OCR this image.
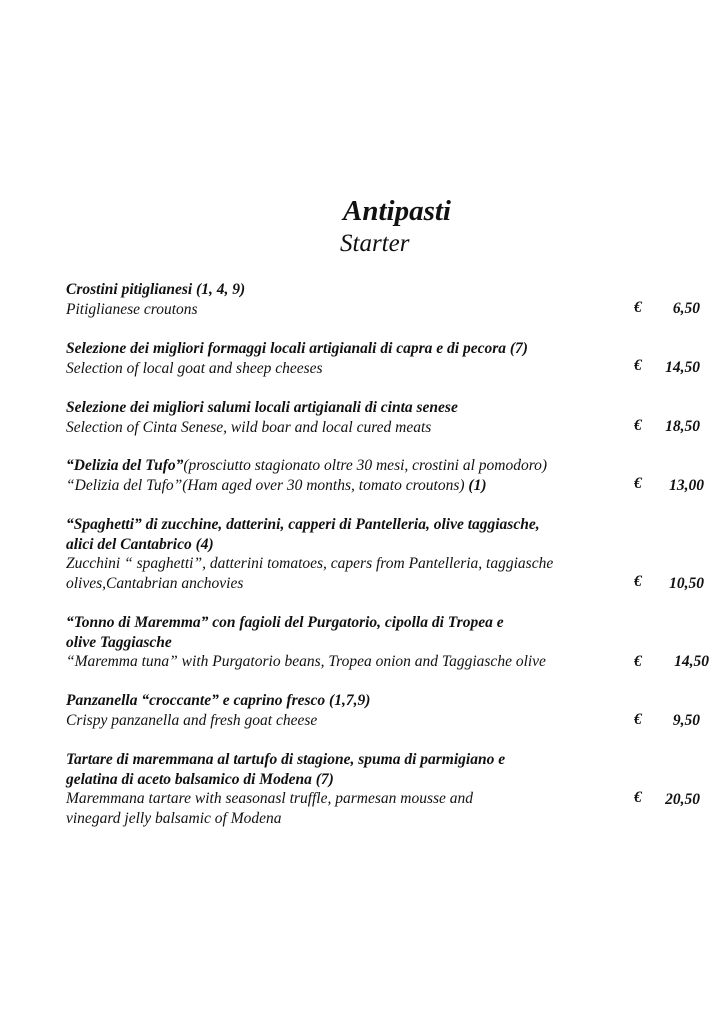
Antipasti
Starter
Crostini pitiglianesi (1, 4, 9)
Pitiglianese croutons	€	6,50
Selezione dei migliori formaggi locali artigianali di capra e di pecora (7)
Selection of local goat and sheep cheeses	€	14,50
Selezione dei migliori salumi locali artigianali di cinta senese
Selection of Cinta Senese, wild boar and local cured meats	€	18,50
“Delizia del Tufo”(prosciutto stagionato oltre 30 mesi, crostini al pomodoro)
“Delizia del Tufo”(Ham aged over 30 months, tomato croutons) (1)	€	13,00
“Spaghetti” di zucchine, datterini, capperi di Pantelleria, olive taggiasche,
alici del Cantabrico (4)
Zucchini “ spaghetti”, datterini tomatoes, capers from Pantelleria, taggiasche
olives,Cantabrian anchovies	€	10,50
“Tonno di Maremma” con fagioli del Purgatorio, cipolla di Tropea e
olive Taggiasche
“Maremma tuna” with Purgatorio beans, Tropea onion and Taggiasche olive	€	14,50
Panzanella “croccante” e caprino fresco (1,7,9)
Crispy panzanella and fresh goat cheese	€	9,50
Tartare di maremmana al tartufo di stagione, spuma di parmigiano e
gelatina di aceto balsamico di Modena (7)
Maremmana tartare with seasonasl truffle, parmesan mousse and
vinegard jelly balsamic of Modena
€	20,50
